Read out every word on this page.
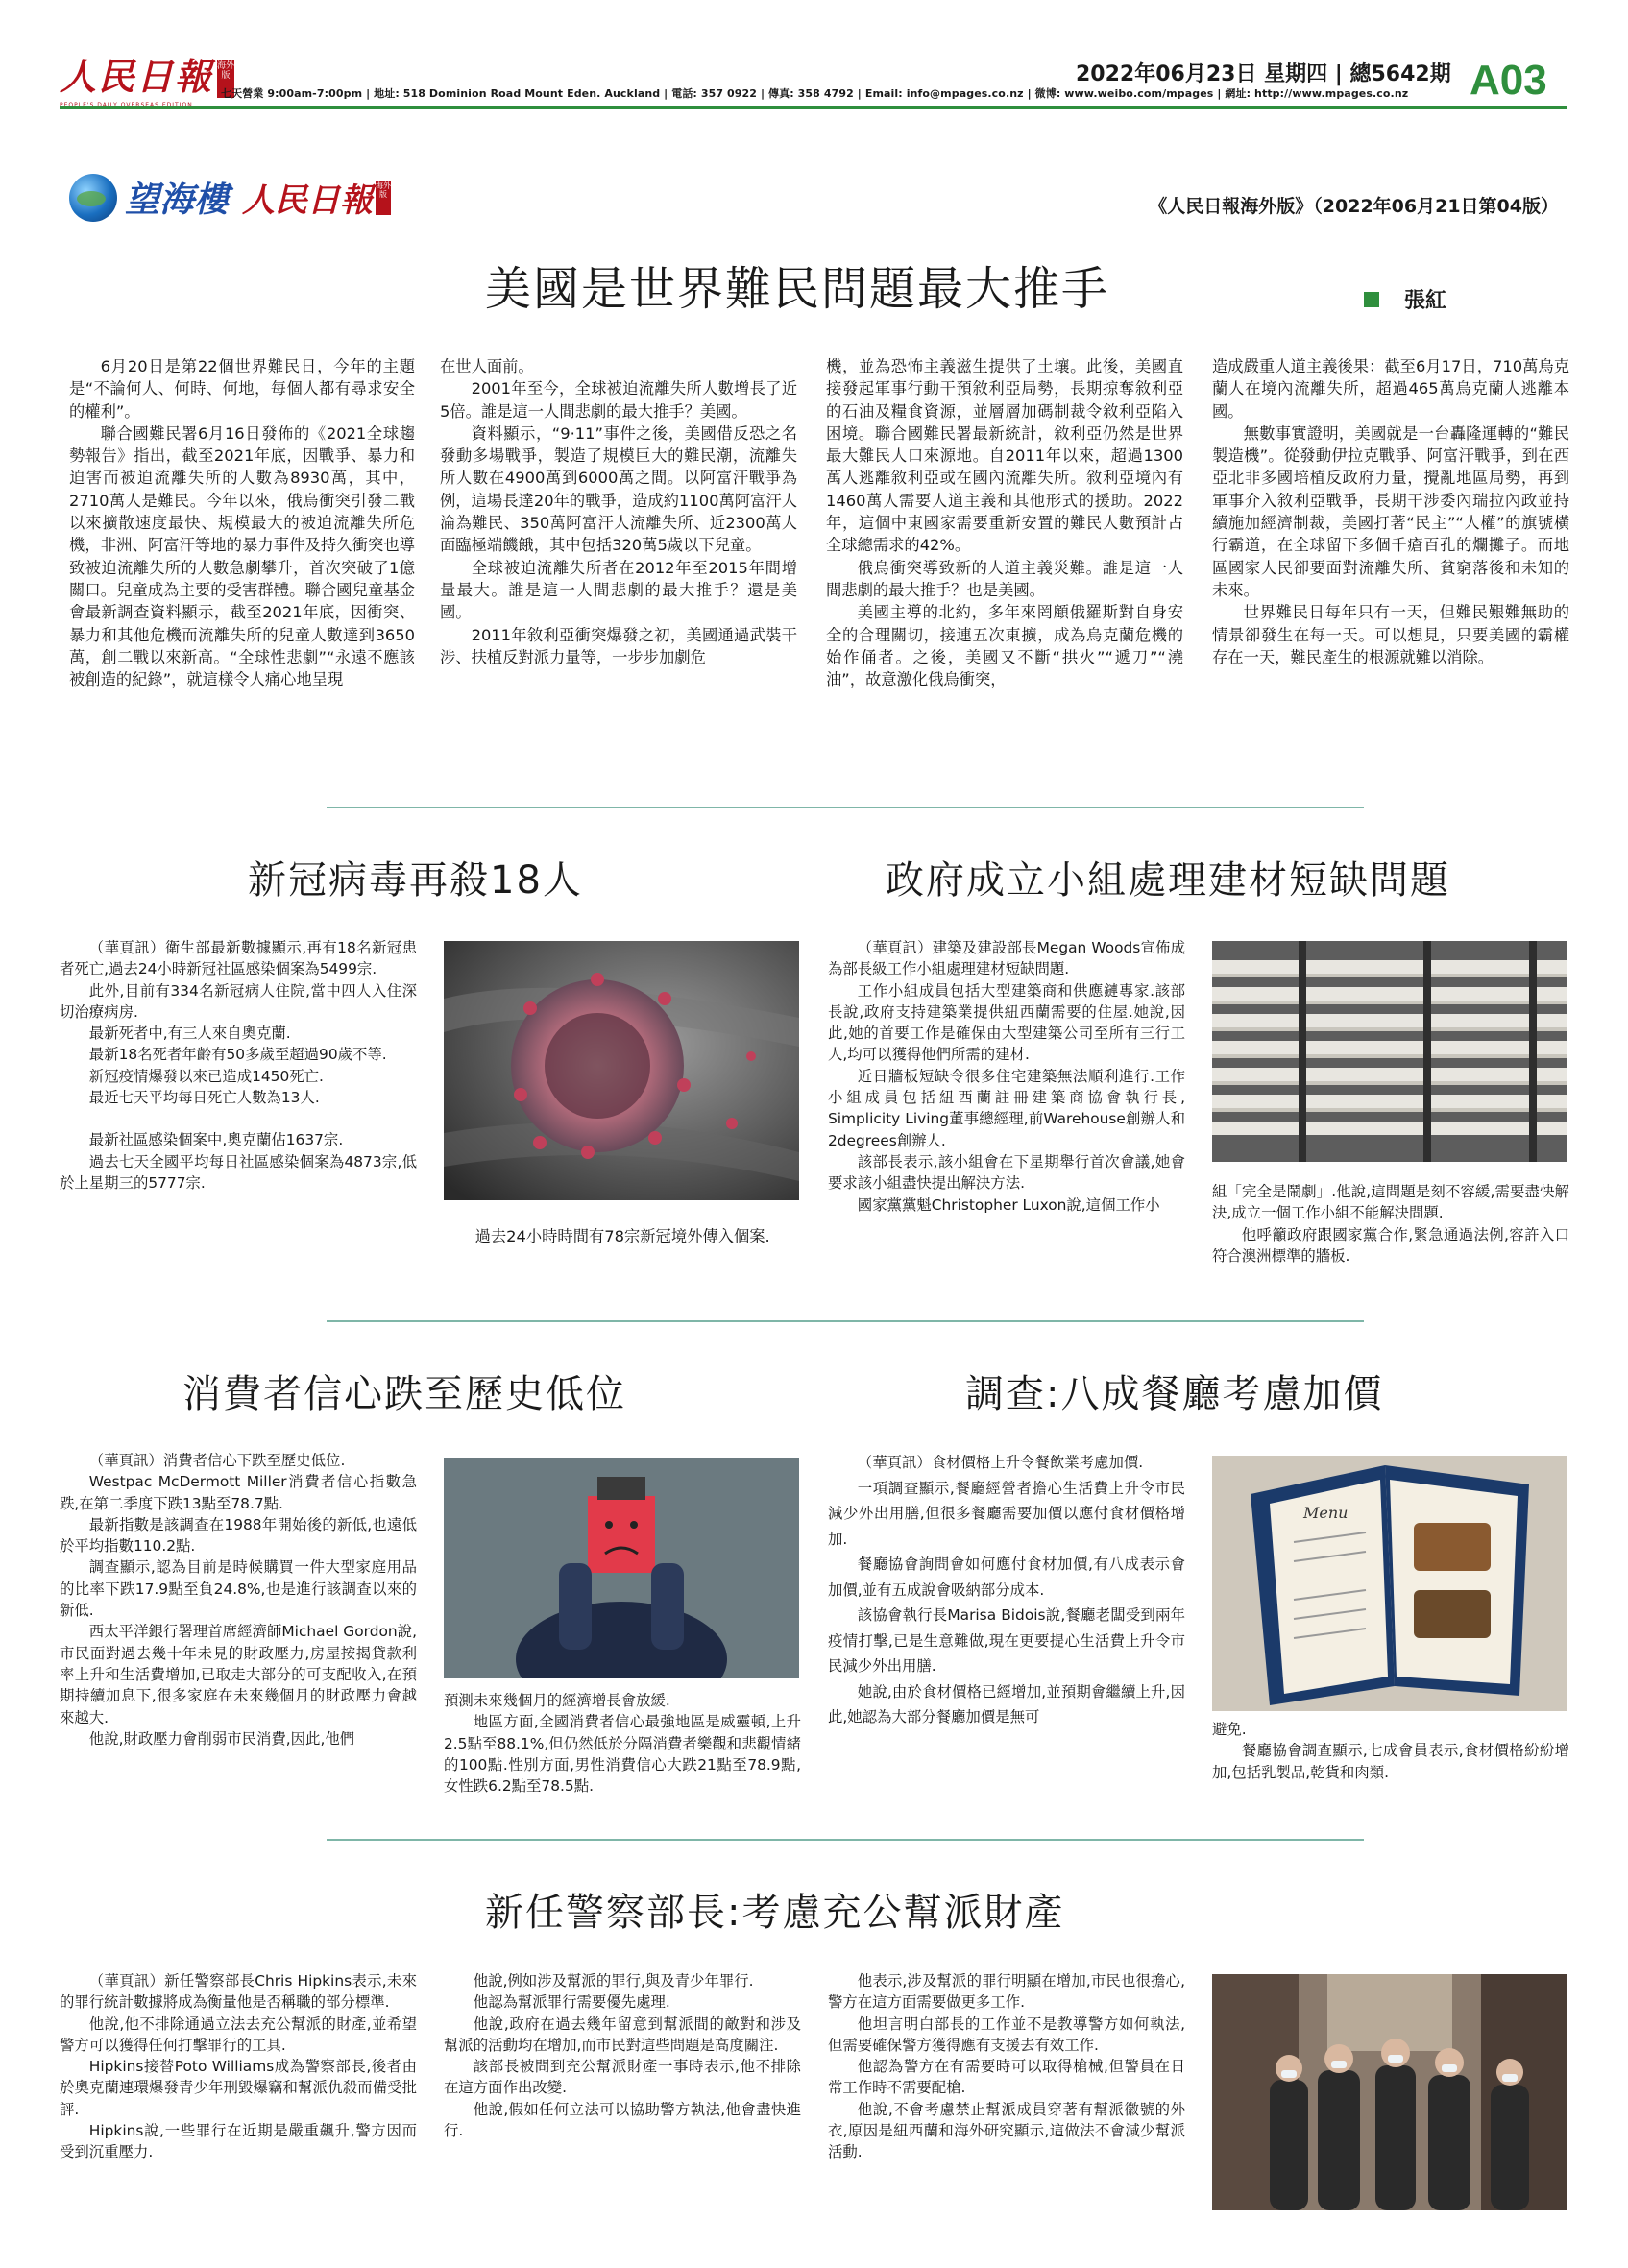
人民日報 海外版
七天營業 9:00am-7:00pm | 地址: 518 Dominion Road Mount Eden. Auckland | 電話: 357 0922 | 傳真: 358 4792 | Email: info@mpages.co.nz | 微博: www.weibo.com/mpages | 網址: http://www.mpages.co.nz
2022年06月23日 星期四 | 總5642期 A03
望海樓 人民日報 海外版
《人民日報海外版》（2022年06月21日第04版）
美國是世界難民問題最大推手	張紅

6月20日是第22個世界難民日，今年的主題是“不論何人、何時、何地，每個人都有尋求安全的權利”。

聯合國難民署6月16日發佈的《2021全球趨勢報告》指出，截至2021年底，因戰爭、暴力和迫害而被迫流離失所的人數為8930萬，其中，2710萬人是難民。今年以來，俄烏衝突引發二戰以來擴散速度最快、規模最大的被迫流離失所危機，非洲、阿富汗等地的暴力事件及持久衝突也導致被迫流離失所的人數急劇攀升，首次突破了1億關口。兒童成為主要的受害群體。聯合國兒童基金會最新調查資料顯示，截至2021年底，因衝突、暴力和其他危機而流離失所的兒童人數達到3650萬，創二戰以來新高。“全球性悲劇”“永遠不應該被創造的紀錄”，就這樣令人痛心地呈現

在世人面前。

2001年至今，全球被迫流離失所人數增長了近5倍。誰是這一人間悲劇的最大推手？美國。

資料顯示，“9·11”事件之後，美國借反恐之名發動多場戰爭，製造了規模巨大的難民潮，流離失所人數在4900萬到6000萬之間。以阿富汗戰爭為例，這場長達20年的戰爭，造成約1100萬阿富汗人淪為難民、350萬阿富汗人流離失所、近2300萬人面臨極端饑餓，其中包括320萬5歲以下兒童。

全球被迫流離失所者在2012年至2015年間增量最大。誰是這一人間悲劇的最大推手？還是美國。

2011年敘利亞衝突爆發之初，美國通過武裝干涉、扶植反對派力量等，一步步加劇危

機，並為恐怖主義滋生提供了土壤。此後，美國直接發起軍事行動干預敘利亞局勢，長期掠奪敘利亞的石油及糧食資源，並層層加碼制裁令敘利亞陷入困境。聯合國難民署最新統計，敘利亞仍然是世界最大難民人口來源地。自2011年以來，超過1300萬人逃離敘利亞或在國內流離失所。敘利亞境內有1460萬人需要人道主義和其他形式的援助。2022年，這個中東國家需要重新安置的難民人數預計占全球總需求的42%。

俄烏衝突導致新的人道主義災難。誰是這一人間悲劇的最大推手？也是美國。

美國主導的北約，多年來罔顧俄羅斯對自身安全的合理關切，接連五次東擴，成為烏克蘭危機的始作俑者。之後，美國又不斷“拱火”“遞刀”“澆油”，故意激化俄烏衝突，

造成嚴重人道主義後果：截至6月17日，710萬烏克蘭人在境內流離失所，超過465萬烏克蘭人逃離本國。

無數事實證明，美國就是一台轟隆運轉的“難民製造機”。從發動伊拉克戰爭、阿富汗戰爭，到在西亞北非多國培植反政府力量，攪亂地區局勢，再到軍事介入敘利亞戰爭，長期干涉委內瑞拉內政並持續施加經濟制裁，美國打著“民主”“人權”的旗號橫行霸道，在全球留下多個千瘡百孔的爛攤子。而地區國家人民卻要面對流離失所、貧窮落後和未知的未來。

世界難民日每年只有一天，但難民艱難無助的情景卻發生在每一天。可以想見，只要美國的霸權存在一天，難民產生的根源就難以消除。

新冠病毒再殺18人

（華頁訊）衛生部最新數據顯示,再有18名新冠患者死亡,過去24小時新冠社區感染個案為5499宗.

此外,目前有334名新冠病人住院,當中四人入住深切治療病房.

最新死者中,有三人來自奧克蘭.

最新18名死者年齡有50多歲至超過90歲不等.

新冠疫情爆發以來已造成1450死亡.

最近七天平均每日死亡人數為13人.

最新社區感染個案中,奧克蘭佔1637宗.

過去七天全國平均每日社區感染個案為4873宗,低於上星期三的5777宗.

過去24小時時間有78宗新冠境外傳入個案.

政府成立小組處理建材短缺問題

（華頁訊）建築及建設部長Megan Woods宣佈成為部長級工作小組處理建材短缺問題.

工作小組成員包括大型建築商和供應鏈專家.該部長說,政府支持建築業提供紐西蘭需要的住屋.她說,因此,她的首要工作是確保由大型建築公司至所有三行工人,均可以獲得他們所需的建材.

近日牆板短缺令很多住宅建築無法順利進行.工作小組成員包括紐西蘭註冊建築商協會執行長, Simplicity Living董事總經理,前Warehouse創辦人和2degrees創辦人.

該部長表示,該小組會在下星期舉行首次會議,她會要求該小組盡快提出解決方法.

國家黨黨魁Christopher Luxon說,這個工作小

組「完全是鬧劇」.他說,這問題是刻不容緩,需要盡快解決,成立一個工作小組不能解決問題.

他呼籲政府跟國家黨合作,緊急通過法例,容許入口符合澳洲標準的牆板.

消費者信心跌至歷史低位

（華頁訊）消費者信心下跌至歷史低位.

Westpac McDermott Miller消費者信心指數急跌,在第二季度下跌13點至78.7點.

最新指數是該調查在1988年開始後的新低,也遠低於平均指數110.2點.

調查顯示,認為目前是時候購買一件大型家庭用品的比率下跌17.9點至負24.8%,也是進行該調查以來的新低.

西太平洋銀行署理首席經濟師Michael Gordon說,市民面對過去幾十年未見的財政壓力,房屋按揭貸款利率上升和生活費增加,已取走大部分的可支配收入,在預期持續加息下,很多家庭在未來幾個月的財政壓力會越來越大.

他說,財政壓力會削弱市民消費,因此,他們

預測未來幾個月的經濟增長會放緩.

地區方面,全國消費者信心最強地區是威靈頓,上升2.5點至88.1%,但仍然低於分隔消費者樂觀和悲觀情緒的100點.性別方面,男性消費信心大跌21點至78.9點,女性跌6.2點至78.5點.

調查:八成餐廳考慮加價

（華頁訊）食材價格上升令餐飲業考慮加價.

一項調查顯示,餐廳經營者擔心生活費上升令市民減少外出用膳,但很多餐廳需要加價以應付食材價格增加.

餐廳協會詢問會如何應付食材加價,有八成表示會加價,並有五成說會吸納部分成本.

該協會執行長Marisa Bidois說,餐廳老闆受到兩年疫情打擊,已是生意難做,現在更要提心生活費上升令市民減少外出用膳.

她說,由於食材價格已經增加,並預期會繼續上升,因此,她認為大部分餐廳加價是無可

Menu

避免.

餐廳協會調查顯示,七成會員表示,食材價格紛紛增加,包括乳製品,乾貨和肉類.

新任警察部長:考慮充公幫派財產

（華頁訊）新任警察部長Chris Hipkins表示,未來的罪行統計數據將成為衡量他是否稱職的部分標準.

他說,他不排除通過立法去充公幫派的財產,並希望警方可以獲得任何打擊罪行的工具.

Hipkins接替Poto Williams成為警察部長,後者由於奧克蘭連環爆發青少年刑毀爆竊和幫派仇殺而備受批評.

Hipkins說,一些罪行在近期是嚴重飆升,警方因而受到沉重壓力.

他說,例如涉及幫派的罪行,與及青少年罪行.

他認為幫派罪行需要優先處理.

他說,政府在過去幾年留意到幫派間的敵對和涉及幫派的活動均在增加,而市民對這些問題是高度關注.

該部長被問到充公幫派財產一事時表示,他不排除在這方面作出改變.

他說,假如任何立法可以協助警方執法,他會盡快進行.

他表示,涉及幫派的罪行明顯在增加,市民也很擔心,警方在這方面需要做更多工作.

他坦言明白部長的工作並不是教導警方如何執法,但需要確保警方獲得應有支援去有效工作.

他認為警方在有需要時可以取得槍械,但警員在日常工作時不需要配槍.

他說,不會考慮禁止幫派成員穿著有幫派徽號的外衣,原因是紐西蘭和海外研究顯示,這做法不會減少幫派活動.
